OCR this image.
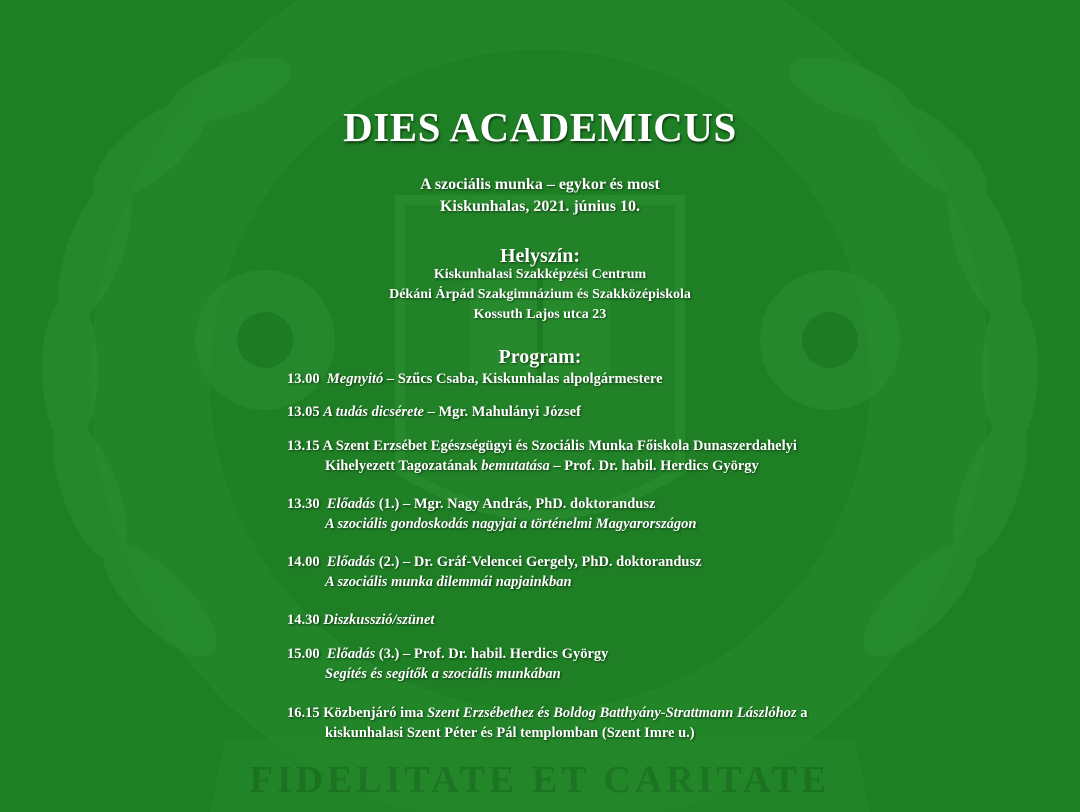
FIDELITATE ET CARITATE
DIES ACADEMICUS
A szociális munka – egykor és most
Kiskunhalas, 2021. június 10.
Helyszín:
Kiskunhalasi Szakképzési Centrum
Dékáni Árpád Szakgimnázium és Szakközépiskola
Kossuth Lajos utca 23
Program:
13.00 Megnyitó – Szűcs Csaba, Kiskunhalas alpolgármestere
13.05 A tudás dicsérete – Mgr. Mahulányi József
13.15 A Szent Erzsébet Egészségügyi és Szociális Munka Főiskola Dunaszerdahelyi
Kihelyezett Tagozatának bemutatása – Prof. Dr. habil. Herdics György
13.30 Előadás (1.) – Mgr. Nagy András, PhD. doktorandusz
A szociális gondoskodás nagyjai a történelmi Magyarországon
14.00 Előadás (2.) – Dr. Gráf-Velencei Gergely, PhD. doktorandusz
A szociális munka dilemmái napjainkban
14.30 Diszkusszió/szünet
15.00 Előadás (3.) – Prof. Dr. habil. Herdics György
Segítés és segítők a szociális munkában
16.15 Közbenjáró ima Szent Erzsébethez és Boldog Batthyány-Strattmann Lászlóhoz a
kiskunhalasi Szent Péter és Pál templomban (Szent Imre u.)
